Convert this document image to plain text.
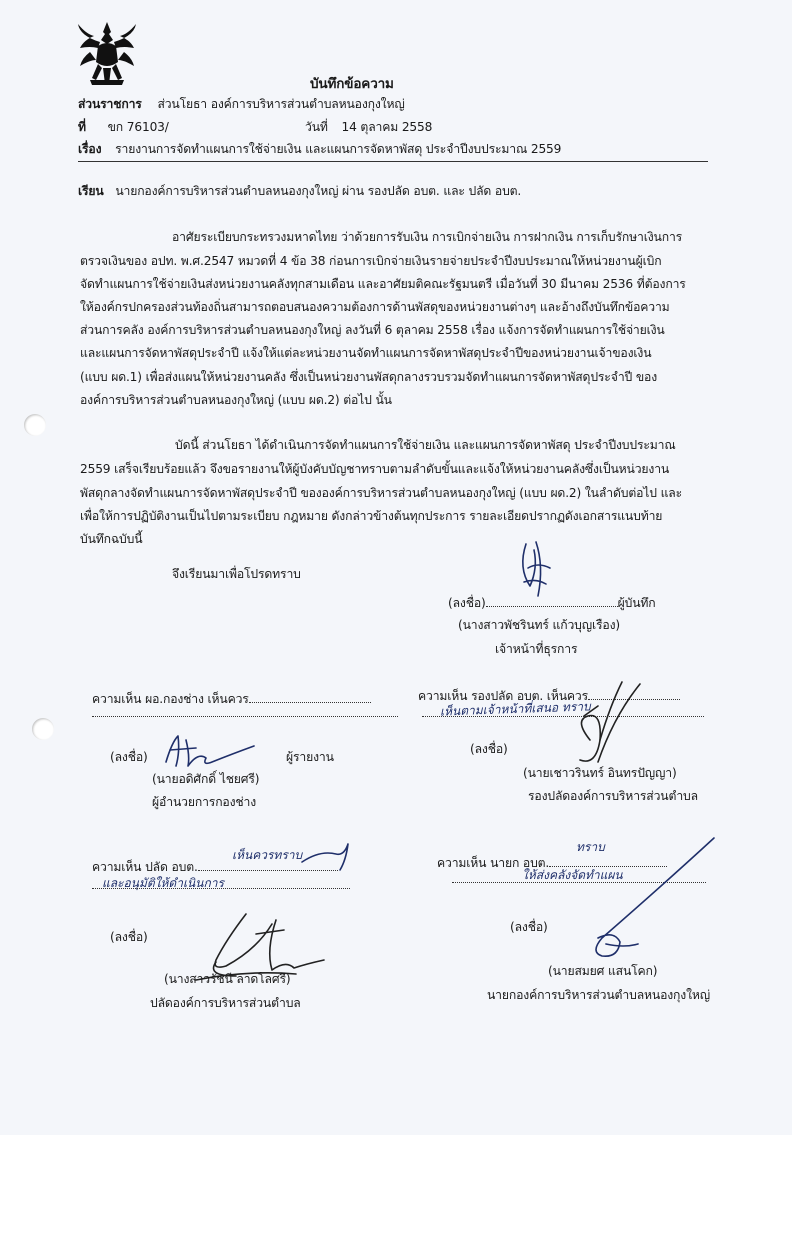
บันทึกข้อความ
ส่วนราชการ ส่วนโยธา องค์การบริหารส่วนตำบลหนองกุงใหญ่
ที่ ขก 76103/	วันที่ 14 ตุลาคม 2558
เรื่อง รายงานการจัดทำแผนการใช้จ่ายเงิน และแผนการจัดหาพัสดุ ประจำปีงบประมาณ 2559
เรียน นายกองค์การบริหารส่วนตำบลหนองกุงใหญ่ ผ่าน รองปลัด อบต. และ ปลัด อบต.
อาศัยระเบียบกระทรวงมหาดไทย ว่าด้วยการรับเงิน การเบิกจ่ายเงิน การฝากเงิน การเก็บรักษาเงินการ
ตรวจเงินของ อปท. พ.ศ.2547 หมวดที่ 4 ข้อ 38 ก่อนการเบิกจ่ายเงินรายจ่ายประจำปีงบประมาณให้หน่วยงานผู้เบิก
จัดทำแผนการใช้จ่ายเงินส่งหน่วยงานคลังทุกสามเดือน และอาศัยมติคณะรัฐมนตรี เมื่อวันที่ 30 มีนาคม 2536 ที่ต้องการ
ให้องค์กรปกครองส่วนท้องถิ่นสามารถตอบสนองความต้องการด้านพัสดุของหน่วยงานต่างๆ และอ้างถึงบันทึกข้อความ
ส่วนการคลัง องค์การบริหารส่วนตำบลหนองกุงใหญ่ ลงวันที่ 6 ตุลาคม 2558 เรื่อง แจ้งการจัดทำแผนการใช้จ่ายเงิน
และแผนการจัดหาพัสดุประจำปี แจ้งให้แต่ละหน่วยงานจัดทำแผนการจัดหาพัสดุประจำปีของหน่วยงานเจ้าของเงิน
(แบบ ผด.1) เพื่อส่งแผนให้หน่วยงานคลัง ซึ่งเป็นหน่วยงานพัสดุกลางรวบรวมจัดทำแผนการจัดหาพัสดุประจำปี ของ
องค์การบริหารส่วนตำบลหนองกุงใหญ่ (แบบ ผด.2) ต่อไป นั้น
บัดนี้ ส่วนโยธา ได้ดำเนินการจัดทำแผนการใช้จ่ายเงิน และแผนการจัดหาพัสดุ ประจำปีงบประมาณ
2559 เสร็จเรียบร้อยแล้ว จึงขอรายงานให้ผู้บังคับบัญชาทราบตามลำดับขั้นและแจ้งให้หน่วยงานคลังซึ่งเป็นหน่วยงาน
พัสดุกลางจัดทำแผนการจัดหาพัสดุประจำปี ขององค์การบริหารส่วนตำบลหนองกุงใหญ่ (แบบ ผด.2) ในลำดับต่อไป และ
เพื่อให้การปฏิบัติงานเป็นไปตามระเบียบ กฎหมาย ดังกล่าวข้างต้นทุกประการ รายละเอียดปรากฏดังเอกสารแนบท้าย
บันทึกฉบับนี้
จึงเรียนมาเพื่อโปรดทราบ
(ลงชื่อ)	ผู้บันทึก
(นางสาวพัชรินทร์ แก้วบุญเรือง)
เจ้าหน้าที่ธุรการ
ความเห็น ผอ.กองช่าง เห็นควร
(ลงชื่อ)	ผู้รายงาน
(นายอดิศักดิ์ ไชยศรี)
ผู้อำนวยการกองช่าง
ความเห็น รองปลัด อบต. เห็นควร
เห็นตามเจ้าหน้าที่เสนอ ทราบ
(ลงชื่อ)
(นายเชาวรินทร์ อินทรปัญญา)
รองปลัดองค์การบริหารส่วนตำบล
ความเห็น ปลัด อบต.
เห็นควรทราบ
และอนุมัติให้ดำเนินการ
(ลงชื่อ)
(นางสาวรัชนี ลาดโลศรี)
ปลัดองค์การบริหารส่วนตำบล
ความเห็น นายก อบต.
ทราบ
ให้ส่งคลังจัดทำแผน
(ลงชื่อ)
(นายสมยศ แสนโคก)
นายกองค์การบริหารส่วนตำบลหนองกุงใหญ่
